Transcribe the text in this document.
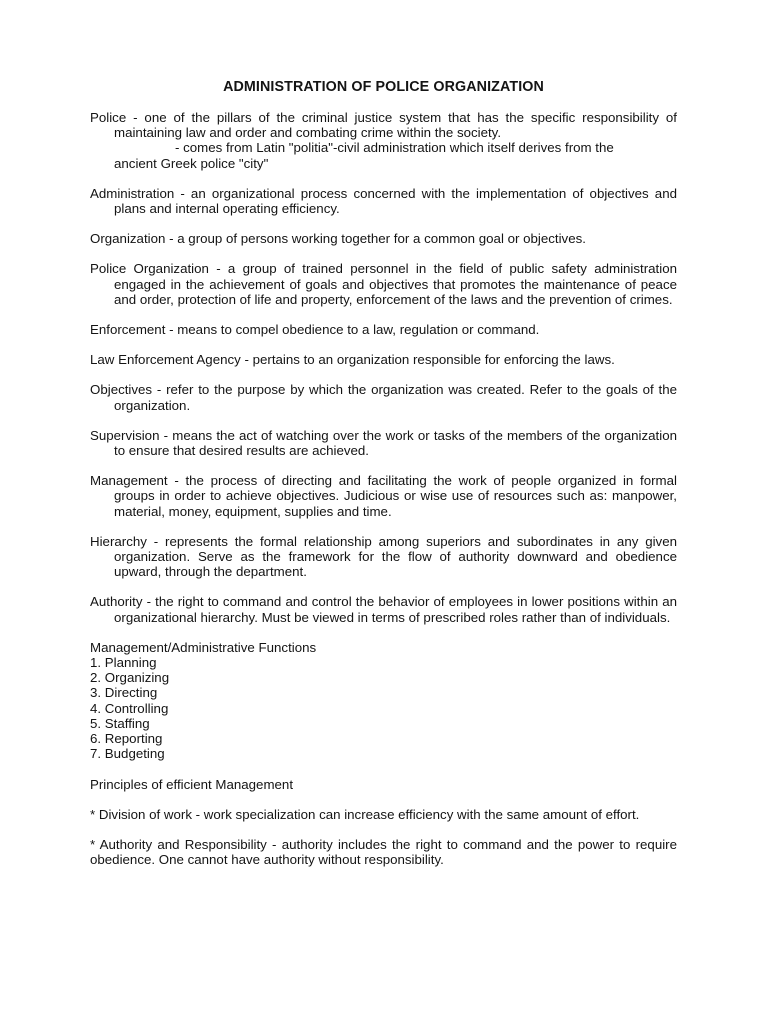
ADMINISTRATION OF POLICE ORGANIZATION
Police - one of the pillars of the criminal justice system that has the specific responsibility of maintaining law and order and combating crime within the society.
- comes from Latin "politia"-civil administration which itself derives from the
ancient Greek police "city"
Administration - an organizational process concerned with the implementation of objectives and plans and internal operating efficiency.
Organization - a group of persons working together for a common goal or objectives.
Police Organization - a group of trained personnel in the field of public safety administration engaged in the achievement of goals and objectives that promotes the maintenance of peace and order, protection of life and property, enforcement of the laws and the prevention of crimes.
Enforcement - means to compel obedience to a law, regulation or command.
Law Enforcement Agency - pertains to an organization responsible for enforcing the laws.
Objectives - refer to the purpose by which the organization was created. Refer to the goals of the organization.
Supervision - means the act of watching over the work or tasks of the members of the organization to ensure that desired results are achieved.
Management - the process of directing and facilitating the work of people organized in formal groups in order to achieve objectives. Judicious or wise use of resources such as: manpower, material, money, equipment, supplies and time.
Hierarchy - represents the formal relationship among superiors and subordinates in any given organization. Serve as the framework for the flow of authority downward and obedience upward, through the department.
Authority - the right to command and control the behavior of employees in lower positions within an organizational hierarchy. Must be viewed in terms of prescribed roles rather than of individuals.
Management/Administrative Functions
1. Planning
2. Organizing
3. Directing
4. Controlling
5. Staffing
6. Reporting
7. Budgeting
Principles of efficient Management
* Division of work - work specialization can increase efficiency with the same amount of effort.
* Authority and Responsibility - authority includes the right to command and the power to require obedience. One cannot have authority without responsibility.
